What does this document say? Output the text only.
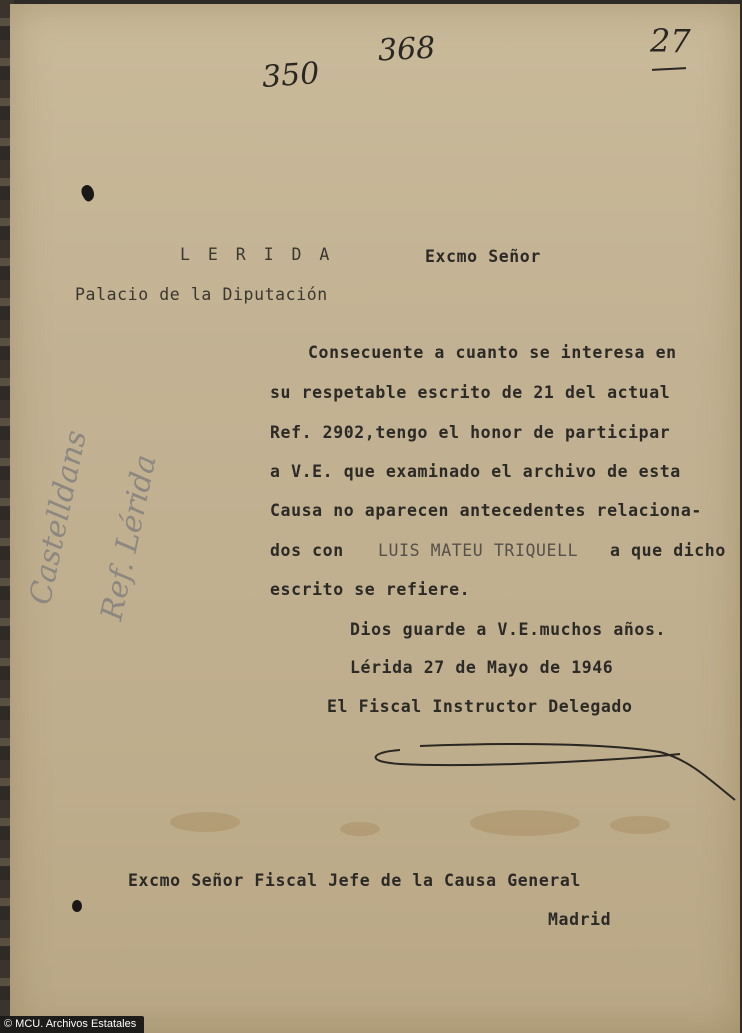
350
368	27
L E R I D A	Excmo Señor
Palacio de la Diputación
Consecuente a cuanto se interesa en
su respetable escrito de 21 del actual
Ref. 2902,tengo el honor de participar
a V.E. que examinado el archivo de esta
Causa no aparecen antecedentes relaciona-
dos con LUIS MATEU TRIQUELL a que dicho
escrito se refiere.
Dios guarde a V.E.muchos años.
Lérida 27 de Mayo de 1946
El Fiscal Instructor Delegado
Excmo Señor Fiscal Jefe de la Causa General
Madrid
Castelldans Ref. Lérida
© MCU. Archivos Estatales
